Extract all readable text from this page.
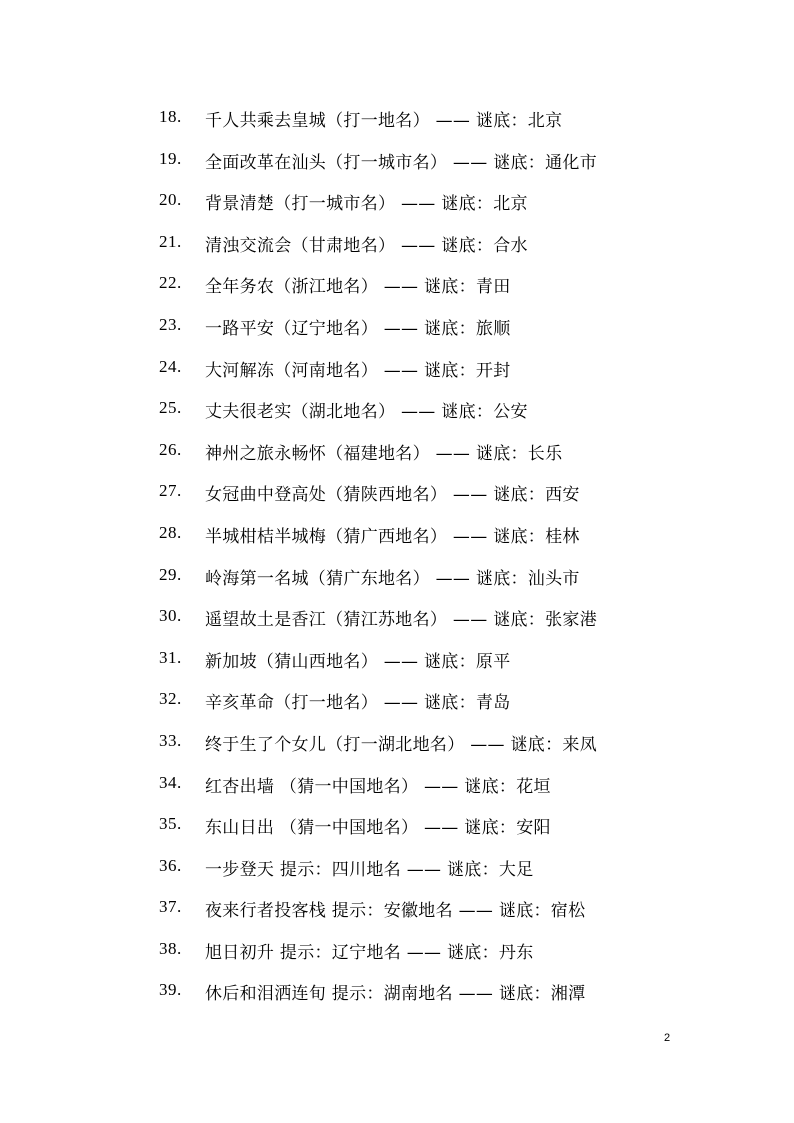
18. 千人共乘去皇城（打一地名） —— 谜底：北京
19. 全面改革在汕头（打一城市名） —— 谜底：通化市
20. 背景清楚（打一城市名） —— 谜底：北京
21. 清浊交流会（甘肃地名） —— 谜底：合水
22. 全年务农（浙江地名） —— 谜底：青田
23. 一路平安（辽宁地名） —— 谜底：旅顺
24. 大河解冻（河南地名） —— 谜底：开封
25. 丈夫很老实（湖北地名） —— 谜底：公安
26. 神州之旅永畅怀（福建地名） —— 谜底：长乐
27. 女冠曲中登高处（猜陕西地名） —— 谜底：西安
28. 半城柑桔半城梅（猜广西地名） —— 谜底：桂林
29. 岭海第一名城（猜广东地名） —— 谜底：汕头市
30. 遥望故土是香江（猜江苏地名） —— 谜底：张家港
31. 新加坡（猜山西地名） —— 谜底：原平
32. 辛亥革命（打一地名） —— 谜底：青岛
33. 终于生了个女儿（打一湖北地名） —— 谜底：来凤
34. 红杏出墙 （猜一中国地名） —— 谜底：花垣
35. 东山日出 （猜一中国地名） —— 谜底：安阳
36. 一步登天 提示：四川地名 —— 谜底：大足
37. 夜来行者投客栈 提示：安徽地名 —— 谜底：宿松
38. 旭日初升 提示：辽宁地名 —— 谜底：丹东
39. 休后和泪洒连旬 提示：湖南地名 —— 谜底：湘潭
2
